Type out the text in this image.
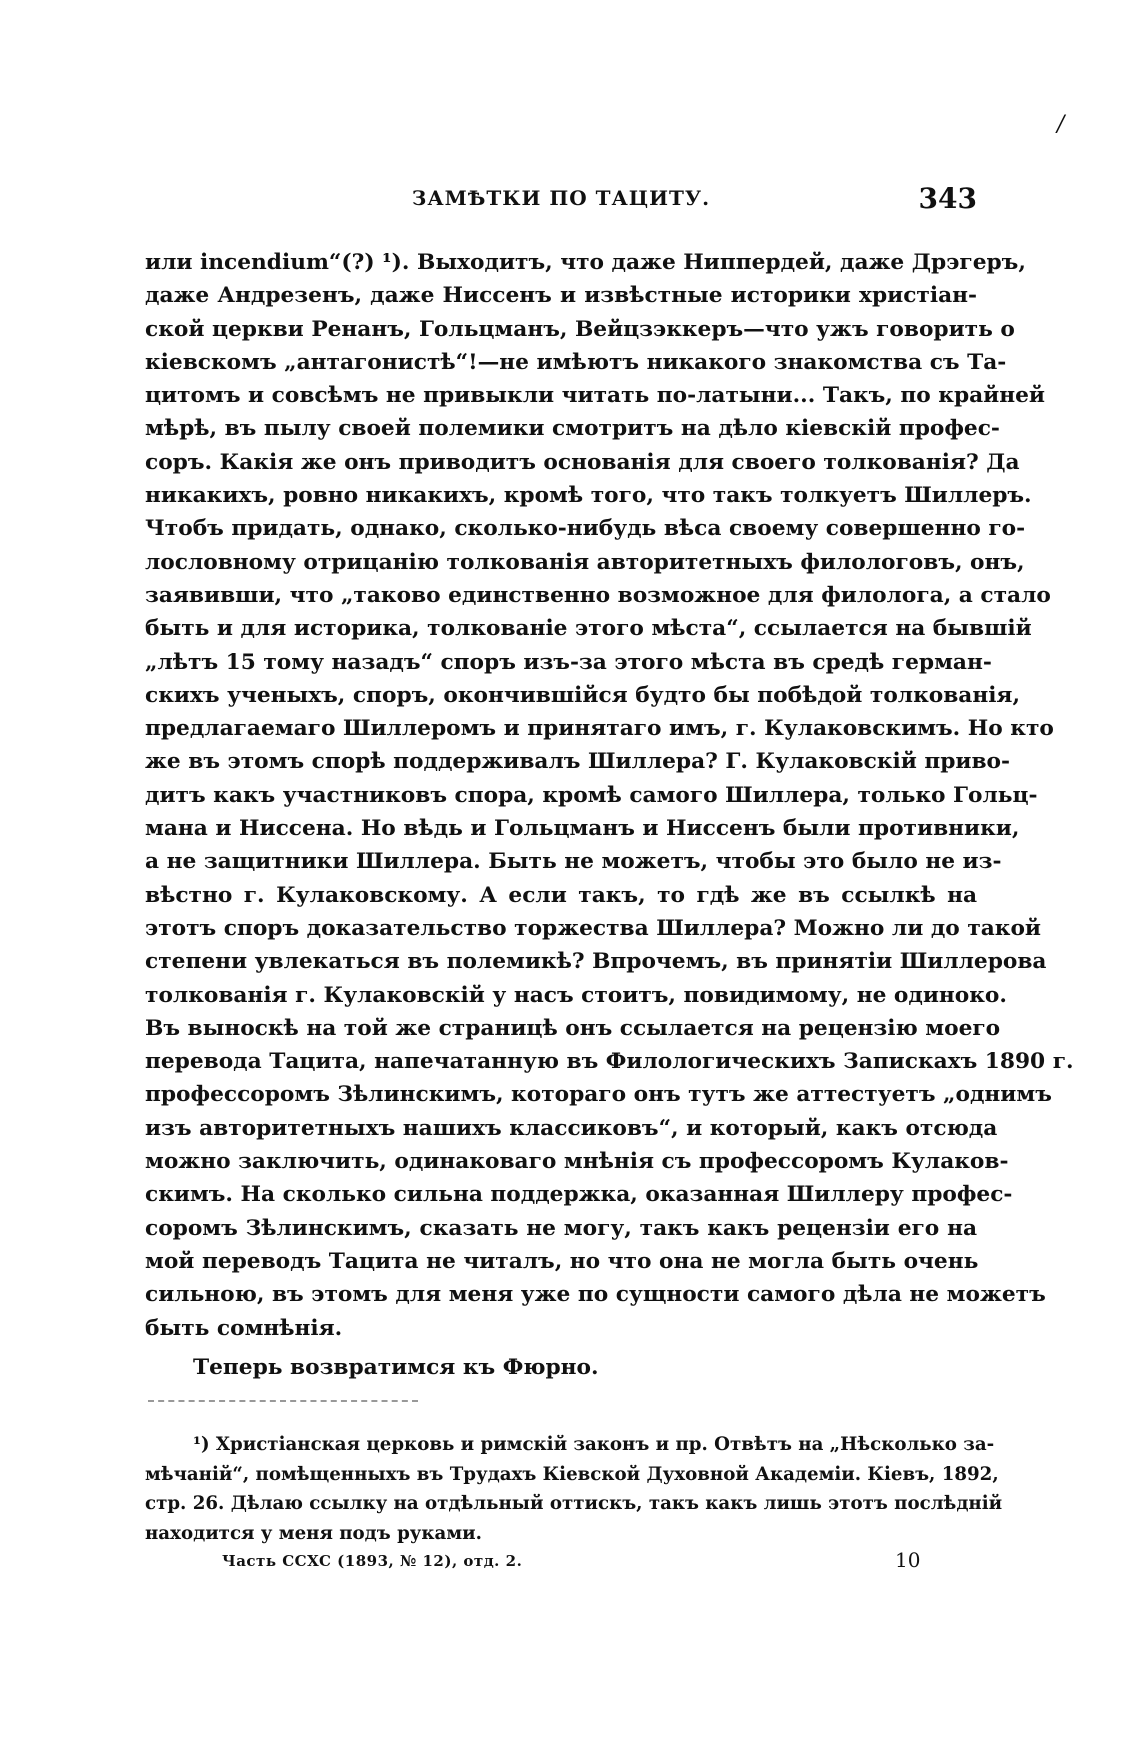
/
ЗАМѢТКИ ПО ТАЦИТУ.	343
или incendium“(?) ¹). Выходитъ, что даже Ниппердей, даже Дрэгеръ,
даже Андрезенъ, даже Ниссенъ и извѣстные историки христіан-
ской церкви Ренанъ, Гольцманъ, Вейцзэккеръ—что ужъ говорить о
кіевскомъ „антагонистѣ“!—не имѣютъ никакого знакомства съ Та-
цитомъ и совсѣмъ не привыкли читать по-латыни... Такъ, по крайней
мѣрѣ, въ пылу своей полемики смотритъ на дѣло кіевскій профес-
соръ. Какія же онъ приводитъ основанія для своего толкованія? Да
никакихъ, ровно никакихъ, кромѣ того, что такъ толкуетъ Шиллеръ.
Чтобъ придать, однако, сколько-нибудь вѣса своему совершенно го-
лословному отрицанію толкованія авторитетныхъ филологовъ, онъ,
заявивши, что „таково единственно возможное для филолога, а стало
быть и для историка, толкованіе этого мѣста“, ссылается на бывшій
„лѣтъ 15 тому назадъ“ споръ изъ-за этого мѣста въ средѣ герман-
скихъ ученыхъ, споръ, окончившійся будто бы побѣдой толкованія,
предлагаемаго Шиллеромъ и принятаго имъ, г. Кулаковскимъ. Но кто
же въ этомъ спорѣ поддерживалъ Шиллера? Г. Кулаковскій приво-
дитъ какъ участниковъ спора, кромѣ самого Шиллера, только Гольц-
мана и Ниссена. Но вѣдь и Гольцманъ и Ниссенъ были противники,
а не защитники Шиллера. Быть не можетъ, чтобы это было не из-
вѣстно г. Кулаковскому. А если такъ, то гдѣ же въ ссылкѣ на
этотъ споръ доказательство торжества Шиллера? Можно ли до такой
степени увлекаться въ полемикѣ? Впрочемъ, въ принятіи Шиллерова
толкованія г. Кулаковскій у насъ стоитъ, повидимому, не одиноко.
Въ выноскѣ на той же страницѣ онъ ссылается на рецензію моего
перевода Тацита, напечатанную въ Филологическихъ Запискахъ 1890 г.
профессоромъ Зѣлинскимъ, котораго онъ тутъ же аттестуетъ „однимъ
изъ авторитетныхъ нашихъ классиковъ“, и который, какъ отсюда
можно заключить, одинаковаго мнѣнія съ профессоромъ Кулаков-
скимъ. На сколько сильна поддержка, оказанная Шиллеру профес-
соромъ Зѣлинскимъ, сказать не могу, такъ какъ рецензіи его на
мой переводъ Тацита не читалъ, но что она не могла быть очень
сильною, въ этомъ для меня уже по сущности самого дѣла не можетъ
быть сомнѣнія.
Теперь возвратимся къ Фюрно.
¹) Христіанская церковь и римскій законъ и пр. Отвѣтъ на „Нѣсколько за-
мѣчаній“, помѣщенныхъ въ Трудахъ Кіевской Духовной Академіи. Кіевъ, 1892,
стр. 26. Дѣлаю ссылку на отдѣльный оттискъ, такъ какъ лишь этотъ послѣдній
находится у меня подъ руками.
Часть CCXC (1893, № 12), отд. 2.	10
